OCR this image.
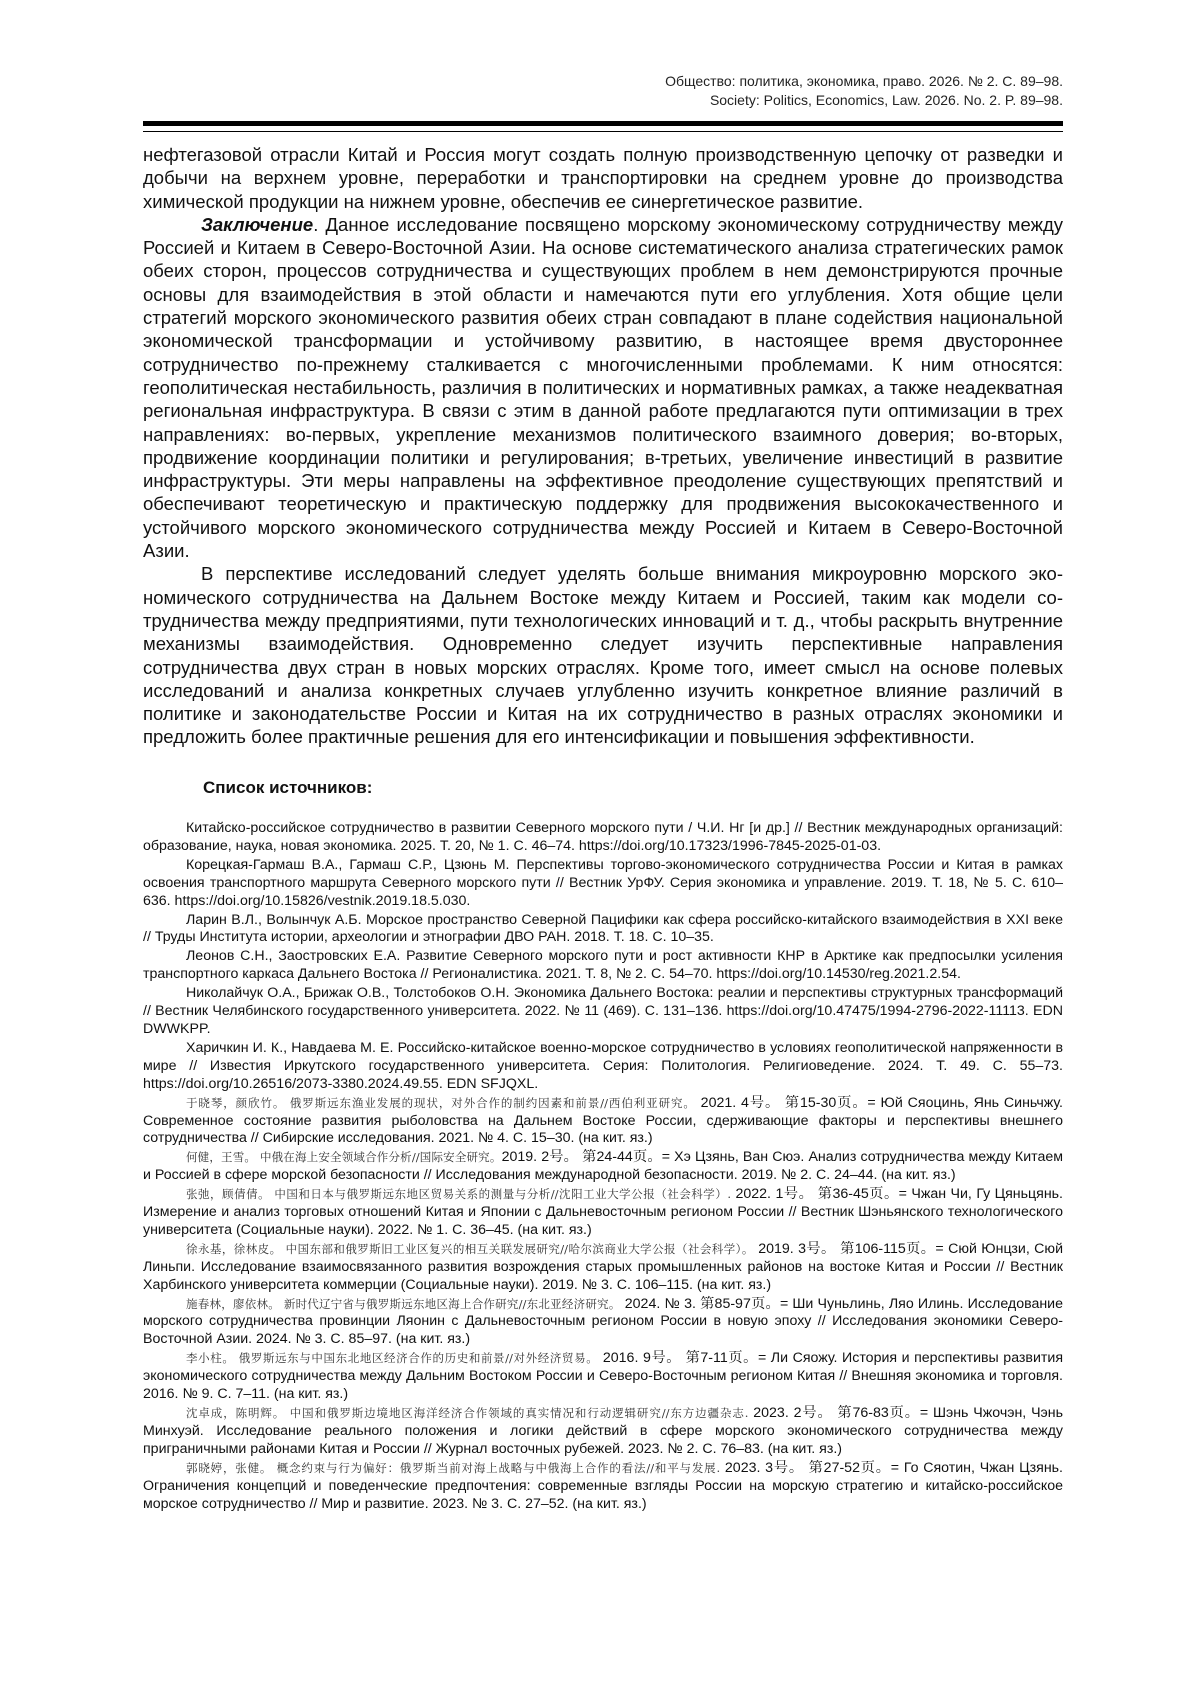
Общество: политика, экономика, право. 2026. № 2. С. 89–98.
Society: Politics, Economics, Law. 2026. No. 2. P. 89–98.

нефтегазовой отрасли Китай и Россия могут создать полную производственную цепочку от разведки и добычи на верхнем уровне, переработки и транспортировки на среднем уровне до производства химической продукции на нижнем уровне, обеспечив ее синергетическое развитие.

Заключение. Данное исследование посвящено морскому экономическому сотрудничеству между Россией и Китаем в Северо-Восточной Азии. На основе систематического анализа стратегических рамок обеих сторон, процессов сотрудничества и существующих проблем в нем демонстрируются прочные основы для взаимодействия в этой области и намечаются пути его углубления. Хотя общие цели стратегий морского экономического развития обеих стран совпадают в плане содействия национальной экономической трансформации и устойчивому развитию, в настоящее время двустороннее сотрудничество по-прежнему сталкивается с многочисленными проблемами. К ним относятся: геополитическая нестабильность, различия в политических и нормативных рамках, а также неадекватная региональная инфраструктура. В связи с этим в данной работе предлагаются пути оптимизации в трех направлениях: во-первых, укрепление механизмов политического взаимного доверия; во-вторых, продвижение координации политики и регулирования; в-третьих, увеличение инвестиций в развитие инфраструктуры. Эти меры направлены на эффективное преодоление существующих препятствий и обеспечивают теоретическую и практическую поддержку для продвижения высококачественного и устойчивого морского экономического сотрудничества между Россией и Китаем в Северо-Восточной Азии.

В перспективе исследований следует уделять больше внимания микроуровню морского экономического сотрудничества на Дальнем Востоке между Китаем и Россией, таким как модели сотрудничества между предприятиями, пути технологических инноваций и т. д., чтобы раскрыть внутренние механизмы взаимодействия. Одновременно следует изучить перспективные направления сотрудничества двух стран в новых морских отраслях. Кроме того, имеет смысл на основе полевых исследований и анализа конкретных случаев углубленно изучить конкретное влияние различий в политике и законодательстве России и Китая на их сотрудничество в разных отраслях экономики и предложить более практичные решения для его интенсификации и повышения эффективности.

Список источников:

Китайско-российское сотрудничество в развитии Северного морского пути / Ч.И. Нг [и др.] // Вестник международных организаций: образование, наука, новая экономика. 2025. Т. 20, № 1. С. 46–74. https://doi.org/10.17323/1996-7845-2025-01-03.

Корецкая-Гармаш В.А., Гармаш С.Р., Цзюнь М. Перспективы торгово-экономического сотрудничества России и Китая в рамках освоения транспортного маршрута Северного морского пути // Вестник УрФУ. Серия экономика и управление. 2019. Т. 18, № 5. С. 610–636. https://doi.org/10.15826/vestnik.2019.18.5.030.

Ларин В.Л., Волынчук А.Б. Морское пространство Северной Пацифики как сфера российско-китайского взаимодействия в XXI веке // Труды Института истории, археологии и этнографии ДВО РАН. 2018. Т. 18. С. 10–35.

Леонов С.Н., Заостровских Е.А. Развитие Северного морского пути и рост активности КНР в Арктике как предпосылки усиления транспортного каркаса Дальнего Востока // Регионалистика. 2021. Т. 8, № 2. С. 54–70. https://doi.org/10.14530/reg.2021.2.54.

Николайчук О.А., Брижак О.В., Толстобоков О.Н. Экономика Дальнего Востока: реалии и перспективы структурных трансформаций // Вестник Челябинского государственного университета. 2022. № 11 (469). С. 131–136. https://doi.org/10.47475/1994-2796-2022-11113. EDN DWWKPP.

Харичкин И. К., Навдаева М. Е. Российско-китайское военно-морское сотрудничество в условиях геополитической напряженности в мире // Известия Иркутского государственного университета. Серия: Политология. Религиоведение. 2024. Т. 49. С. 55–73. https://doi.org/10.26516/2073-3380.2024.49.55. EDN SFJQXL.

于晓琴，颜欣竹。 俄罗斯远东渔业发展的现状，对外合作的制约因素和前景//西伯利亚研究。 2021. 4号。 第15-30页。= Юй Сяоцинь, Янь Синьчжу. Современное состояние развития рыболовства на Дальнем Востоке России, сдерживающие факторы и перспективы внешнего сотрудничества // Сибирские исследования. 2021. № 4. С. 15–30. (на кит. яз.)

何健，王雪。 中俄在海上安全领域合作分析//国际安全研究。2019. 2号。 第24-44页。= Хэ Цзянь, Ван Сюэ. Анализ сотрудничества между Китаем и Россией в сфере морской безопасности // Исследования международной безопасности. 2019. № 2. С. 24–44. (на кит. яз.)

张弛，顾倩倩。 中国和日本与俄罗斯远东地区贸易关系的测量与分析//沈阳工业大学公报（社会科学）. 2022. 1号。 第36-45页。= Чжан Чи, Гу Цяньцянь. Измерение и анализ торговых отношений Китая и Японии с Дальневосточным регионом России // Вестник Шэньянского технологического университета (Социальные науки). 2022. № 1. С. 36–45. (на кит. яз.)

徐永基，徐林皮。 中国东部和俄罗斯旧工业区复兴的相互关联发展研究//哈尔滨商业大学公报（社会科学）。 2019. 3号。 第106-115页。= Сюй Юнцзи, Сюй Линьпи. Исследование взаимосвязанного развития возрождения старых промышленных районов на востоке Китая и России // Вестник Харбинского университета коммерции (Социальные науки). 2019. № 3. С. 106–115. (на кит. яз.)

施春林，廖依林。 新时代辽宁省与俄罗斯远东地区海上合作研究//东北亚经济研究。 2024. № 3. 第85-97页。= Ши Чуньлинь, Ляо Илинь. Исследование морского сотрудничества провинции Ляонин с Дальневосточным регионом России в новую эпоху // Исследования экономики Северо-Восточной Азии. 2024. № 3. С. 85–97. (на кит. яз.)

李小柱。 俄罗斯远东与中国东北地区经济合作的历史和前景//对外经济贸易。 2016. 9号。 第7-11页。= Ли Сяожу. История и перспективы развития экономического сотрудничества между Дальним Востоком России и Северо-Восточным регионом Китая // Внешняя экономика и торговля. 2016. № 9. С. 7–11. (на кит. яз.)

沈卓成，陈明辉。 中国和俄罗斯边境地区海洋经济合作领域的真实情况和行动逻辑研究//东方边疆杂志. 2023. 2号。 第76-83页。= Шэнь Чжочэн, Чэнь Минхуэй. Исследование реального положения и логики действий в сфере морского экономического сотрудничества между приграничными районами Китая и России // Журнал восточных рубежей. 2023. № 2. С. 76–83. (на кит. яз.)

郭晓婷，张健。 概念约束与行为偏好：俄罗斯当前对海上战略与中俄海上合作的看法//和平与发展. 2023. 3号。 第27-52页。= Го Сяотин, Чжан Цзянь. Ограничения концепций и поведенческие предпочтения: современные взгляды России на морскую стратегию и китайско-российское морское сотрудничество // Мир и развитие. 2023. № 3. С. 27–52. (на кит. яз.)
